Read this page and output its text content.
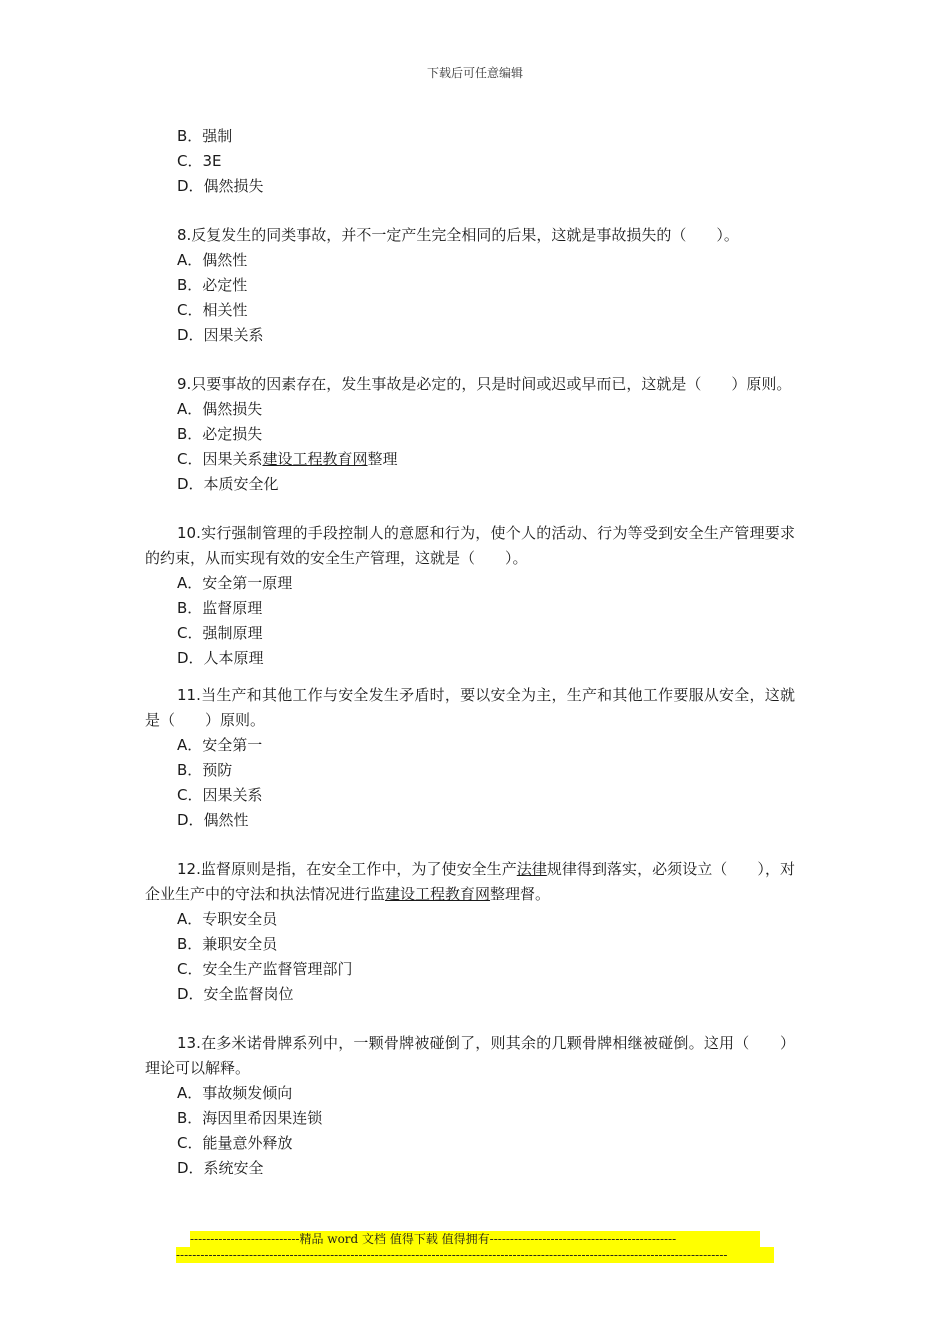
下载后可任意编辑
B．强制
C．3E
D．偶然损失
8.反复发生的同类事故，并不一定产生完全相同的后果，这就是事故损失的（　　）。
A．偶然性
B．必定性
C．相关性
D．因果关系
9.只要事故的因素存在，发生事故是必定的，只是时间或迟或早而已，这就是（　　）原则。
A．偶然损失
B．必定损失
C．因果关系建设工程教育网整理
D．本质安全化
10.实行强制管理的手段控制人的意愿和行为，使个人的活动、行为等受到安全生产管理要求的约束，从而实现有效的安全生产管理，这就是（　　）。
A．安全第一原理
B．监督原理
C．强制原理
D．人本原理
11.当生产和其他工作与安全发生矛盾时，要以安全为主，生产和其他工作要服从安全，这就是（　　）原则。
A．安全第一
B．预防
C．因果关系
D．偶然性
12.监督原则是指，在安全工作中，为了使安全生产法律规律得到落实，必须设立（　　），对企业生产中的守法和执法情况进行监建设工程教育网整理督。
A．专职安全员
B．兼职安全员
C．安全生产监督管理部门
D．安全监督岗位
13.在多米诺骨牌系列中，一颗骨牌被碰倒了，则其余的几颗骨牌相继被碰倒。这用（　　）理论可以解释。
A．事故频发倾向
B．海因里希因果连锁
C．能量意外释放
D．系统安全
---------------------------精品 word 文档 值得下载 值得拥有----------------------------------------------
----------------------------------------------------------------------------------------------------------------------------------------
